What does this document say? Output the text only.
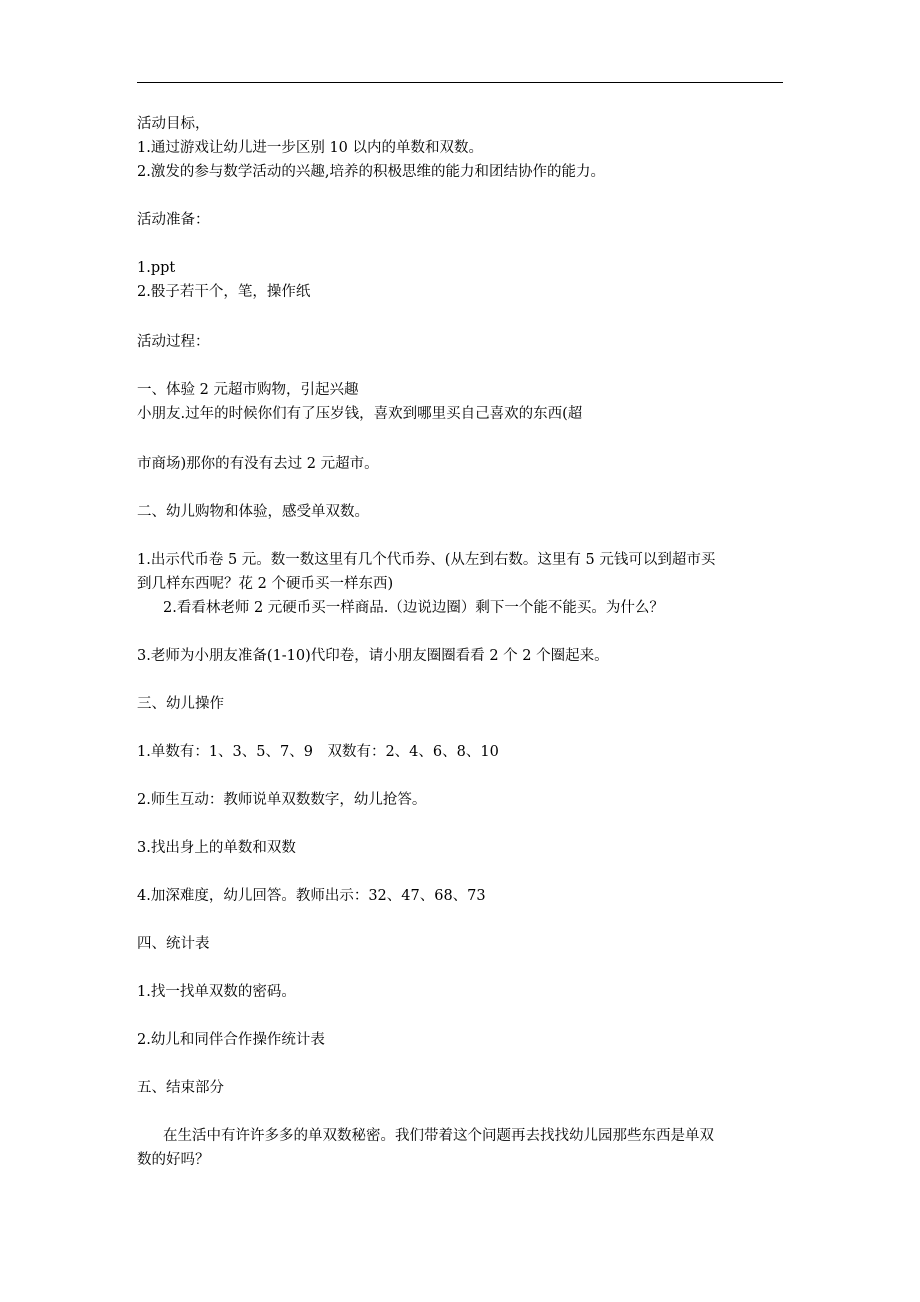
活动目标，
1.通过游戏让幼儿进一步区别 10 以内的单数和双数。
2.激发的参与数学活动的兴趣,培养的积极思维的能力和团结协作的能力。
活动准备：
1.ppt
2.骰子若干个，笔，操作纸
活动过程：
一、体验 2 元超市购物，引起兴趣
小朋友.过年的时候你们有了压岁钱，喜欢到哪里买自己喜欢的东西(超
市商场)那你的有没有去过 2 元超市。
二、幼儿购物和体验，感受单双数。
1.出示代币卷 5 元。数一数这里有几个代币券、(从左到右数。这里有 5 元钱可以到超市买
到几样东西呢？花 2 个硬币买一样东西)
2.看看林老师 2 元硬币买一样商品.（边说边圈）剩下一个能不能买。为什么？
3.老师为小朋友准备(1-10)代印卷，请小朋友圈圈看看 2 个 2 个圈起来。
三、幼儿操作
1.单数有：1、3、5、7、9　双数有：2、4、6、8、10
2.师生互动：教师说单双数数字，幼儿抢答。
3.找出身上的单数和双数
4.加深难度，幼儿回答。教师出示：32、47、68、73
四、统计表
1.找一找单双数的密码。
2.幼儿和同伴合作操作统计表
五、结束部分
在生活中有许许多多的单双数秘密。我们带着这个问题再去找找幼儿园那些东西是单双
数的好吗？
